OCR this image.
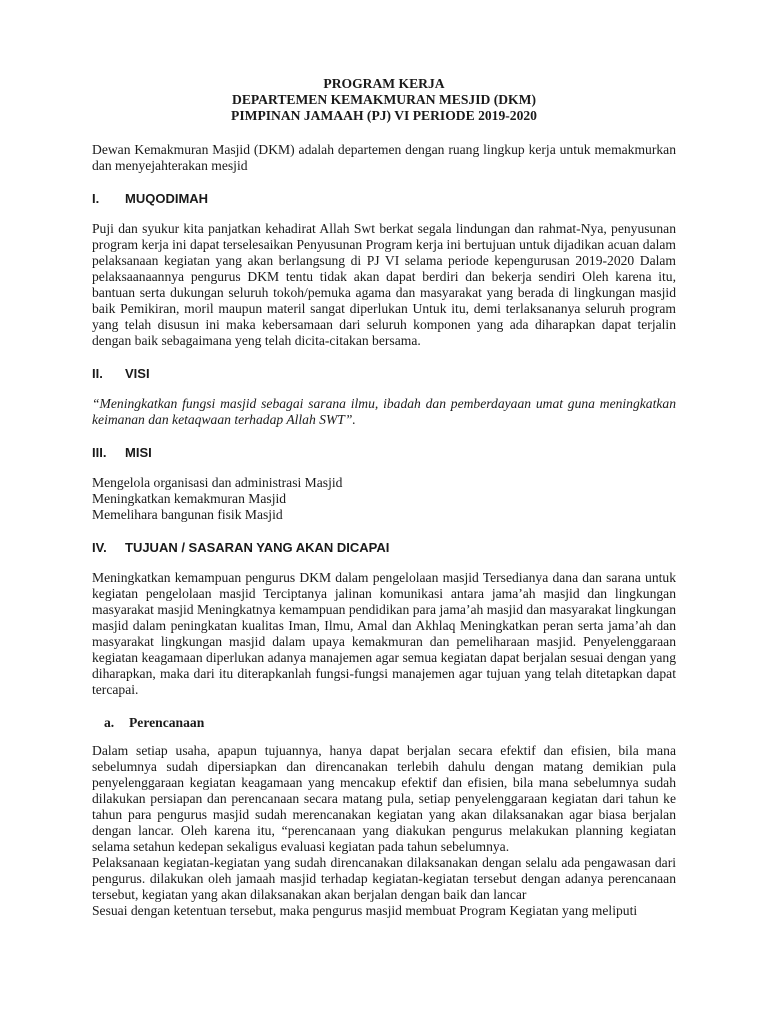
PROGRAM KERJA
DEPARTEMEN KEMAKMURAN MESJID (DKM)
PIMPINAN JAMAAH (PJ) VI PERIODE 2019-2020

Dewan Kemakmuran Masjid (DKM) adalah departemen dengan ruang lingkup kerja untuk memakmurkan dan menyejahterakan mesjid

I.	MUQODIMAH

Puji dan syukur kita panjatkan kehadirat Allah Swt berkat segala lindungan dan rahmat-Nya, penyusunan program kerja ini dapat terselesaikan Penyusunan Program kerja ini bertujuan untuk dijadikan acuan dalam pelaksanaan kegiatan yang akan berlangsung di PJ VI selama periode kepengurusan 2019-2020 Dalam pelaksaanaannya pengurus DKM tentu tidak akan dapat berdiri dan bekerja sendiri Oleh karena itu, bantuan serta dukungan seluruh tokoh/pemuka agama dan masyarakat yang berada di lingkungan masjid baik Pemikiran, moril maupun materil sangat diperlukan Untuk itu, demi terlaksananya seluruh program yang telah disusun ini maka kebersamaan dari seluruh komponen yang ada diharapkan dapat terjalin dengan baik sebagaimana yeng telah dicita-citakan bersama.

II.	VISI

“Meningkatkan fungsi masjid sebagai sarana ilmu, ibadah dan pemberdayaan umat guna meningkatkan keimanan dan ketaqwaan terhadap Allah SWT”.

III.	MISI
Mengelola organisasi dan administrasi Masjid
Meningkatkan kemakmuran Masjid
Memelihara bangunan fisik Masjid
IV.	TUJUAN / SASARAN YANG AKAN DICAPAI

Meningkatkan kemampuan pengurus DKM dalam pengelolaan masjid Tersedianya dana dan sarana untuk kegiatan pengelolaan masjid Terciptanya jalinan komunikasi antara jama’ah masjid dan lingkungan masyarakat masjid Meningkatnya kemampuan pendidikan para jama’ah masjid dan masyarakat lingkungan masjid dalam peningkatan kualitas Iman, Ilmu, Amal dan Akhlaq Meningkatkan peran serta jama’ah dan masyarakat lingkungan masjid dalam upaya kemakmuran dan pemeliharaan masjid. Penyelenggaraan kegiatan keagamaan diperlukan adanya manajemen agar semua kegiatan dapat berjalan sesuai dengan yang diharapkan, maka dari itu diterapkanlah fungsi-fungsi manajemen agar tujuan yang telah ditetapkan dapat tercapai.

a.	Perencanaan

Dalam setiap usaha, apapun tujuannya, hanya dapat berjalan secara efektif dan efisien, bila mana sebelumnya sudah dipersiapkan dan direncanakan terlebih dahulu dengan matang demikian pula penyelenggaraan kegiatan keagamaan yang mencakup efektif dan efisien, bila mana sebelumnya sudah dilakukan persiapan dan perencanaan secara matang pula, setiap penyelenggaraan kegiatan dari tahun ke tahun para pengurus masjid sudah merencanakan kegiatan yang akan dilaksanakan agar biasa berjalan dengan lancar. Oleh karena itu, “perencanaan yang diakukan pengurus melakukan planning kegiatan selama setahun kedepan sekaligus evaluasi kegiatan pada tahun sebelumnya.

Pelaksanaan kegiatan-kegiatan yang sudah direncanakan dilaksanakan dengan selalu ada pengawasan dari pengurus. dilakukan oleh jamaah masjid terhadap kegiatan-kegiatan tersebut dengan adanya perencanaan tersebut, kegiatan yang akan dilaksanakan akan berjalan dengan baik dan lancar

Sesuai dengan ketentuan tersebut, maka pengurus masjid membuat Program Kegiatan yang meliputi
